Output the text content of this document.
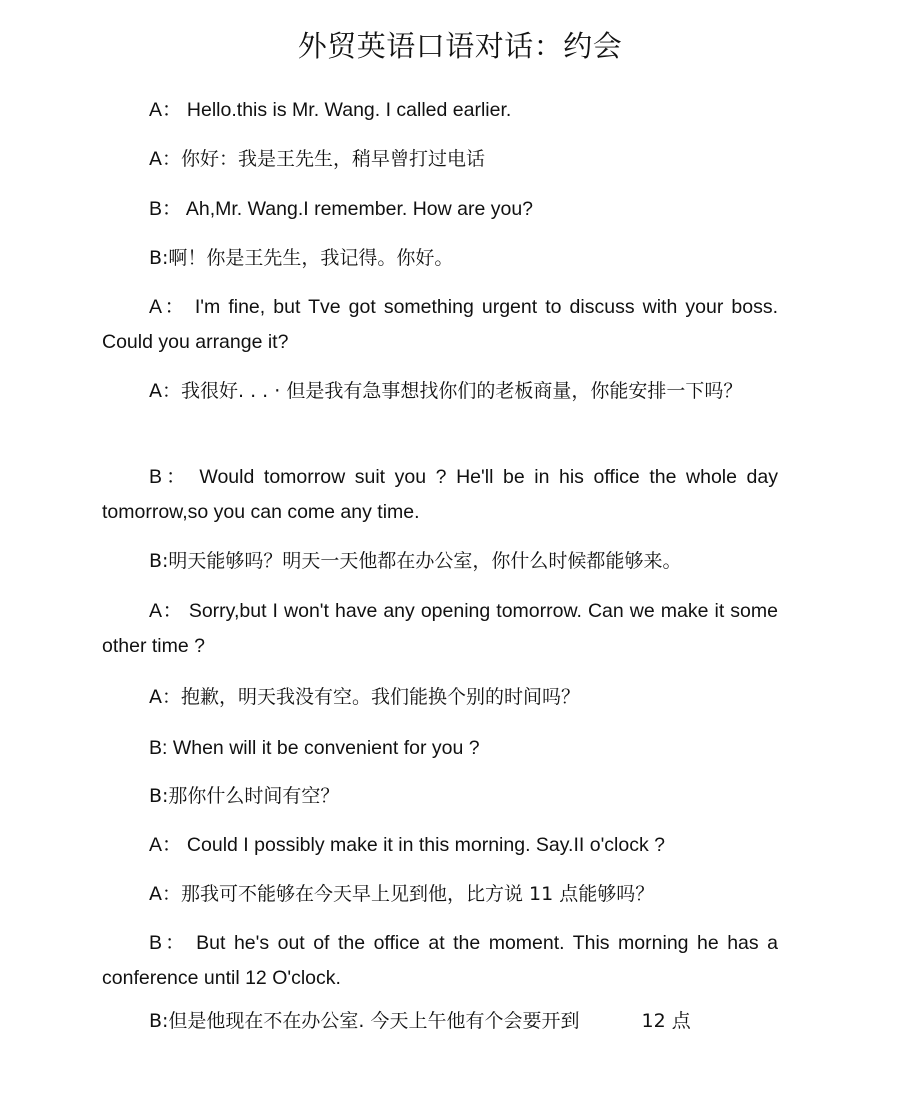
外贸英语口语对话：约会
A： Hello.this is Mr. Wang. I called earlier.
A：你好：我是王先生，稍早曾打过电话
B： Ah,Mr. Wang.I remember. How are you?
B:啊！你是王先生，我记得。你好。
A： I'm fine, but Tve got something urgent to discuss with your boss. Could you arrange it?
A：我很好. . . · 但是我有急事想找你们的老板商量，你能安排一下吗？
B： Would tomorrow suit you ? He'll be in his office the whole day tomorrow,so you can come any time.
B:明天能够吗？明天一天他都在办公室，你什么时候都能够来。
A： Sorry,but I won't have any opening tomorrow. Can we make it some other time ?
A：抱歉，明天我没有空。我们能换个别的时间吗？
B: When will it be convenient for you ?
B:那你什么时间有空？
A： Could I possibly make it in this morning. Say.II o'clock ?
A：那我可不能够在今天早上见到他，比方说 11 点能够吗？
B： But he's out of the office at the moment. This morning he has a conference until 12 O'clock.
B:但是他现在不在办公室. 今天上午他有个会要开到	12 点
